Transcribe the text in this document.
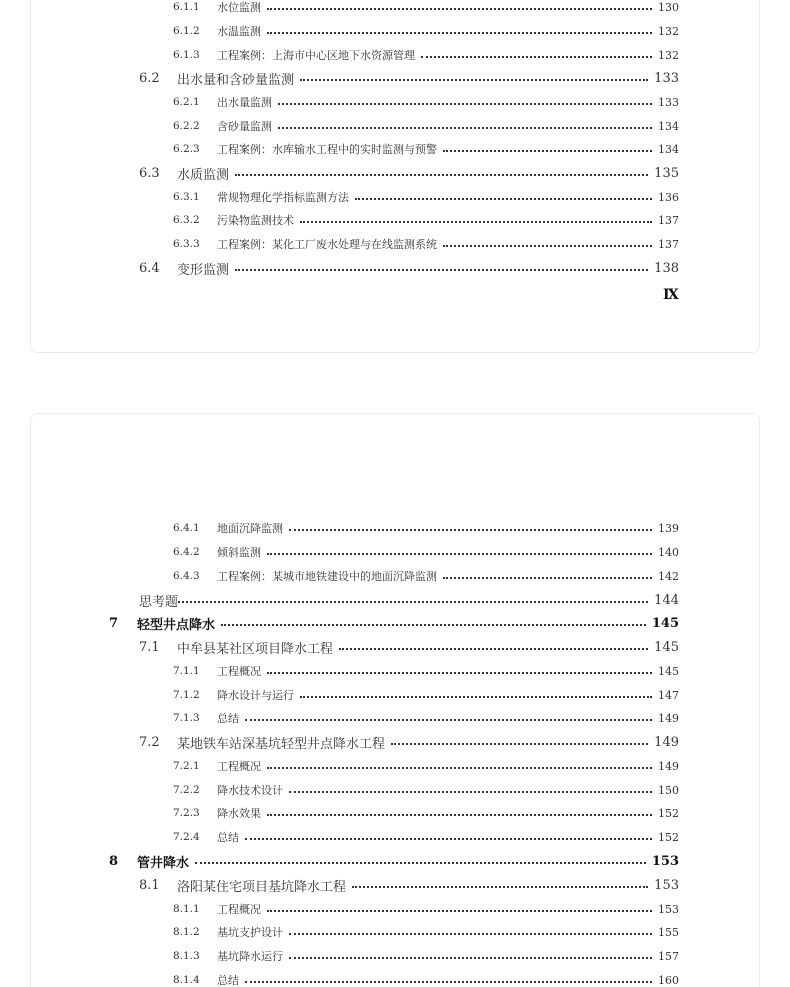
6.1.1	水位监测	130
6.1.2	水温监测	132
6.1.3	工程案例：上海市中心区地下水资源管理	132
6.2	出水量和含砂量监测	133
6.2.1	出水量监测	133
6.2.2	含砂量监测	134
6.2.3	工程案例：水库输水工程中的实时监测与预警	134
6.3	水质监测	135
6.3.1	常规物理化学指标监测方法	136
6.3.2	污染物监测技术	137
6.3.3	工程案例：某化工厂废水处理与在线监测系统	137
6.4	变形监测	138
Ⅸ
6.4.1	地面沉降监测	139
6.4.2	倾斜监测	140
6.4.3	工程案例：某城市地铁建设中的地面沉降监测	142
思考题	144
7	轻型井点降水	145
7.1	中牟县某社区项目降水工程	145
7.1.1	工程概况	145
7.1.2	降水设计与运行	147
7.1.3	总结	149
7.2	某地铁车站深基坑轻型井点降水工程	149
7.2.1	工程概况	149
7.2.2	降水技术设计	150
7.2.3	降水效果	152
7.2.4	总结	152
8	管井降水	153
8.1	洛阳某住宅项目基坑降水工程	153
8.1.1	工程概况	153
8.1.2	基坑支护设计	155
8.1.3	基坑降水运行	157
8.1.4	总结	160
